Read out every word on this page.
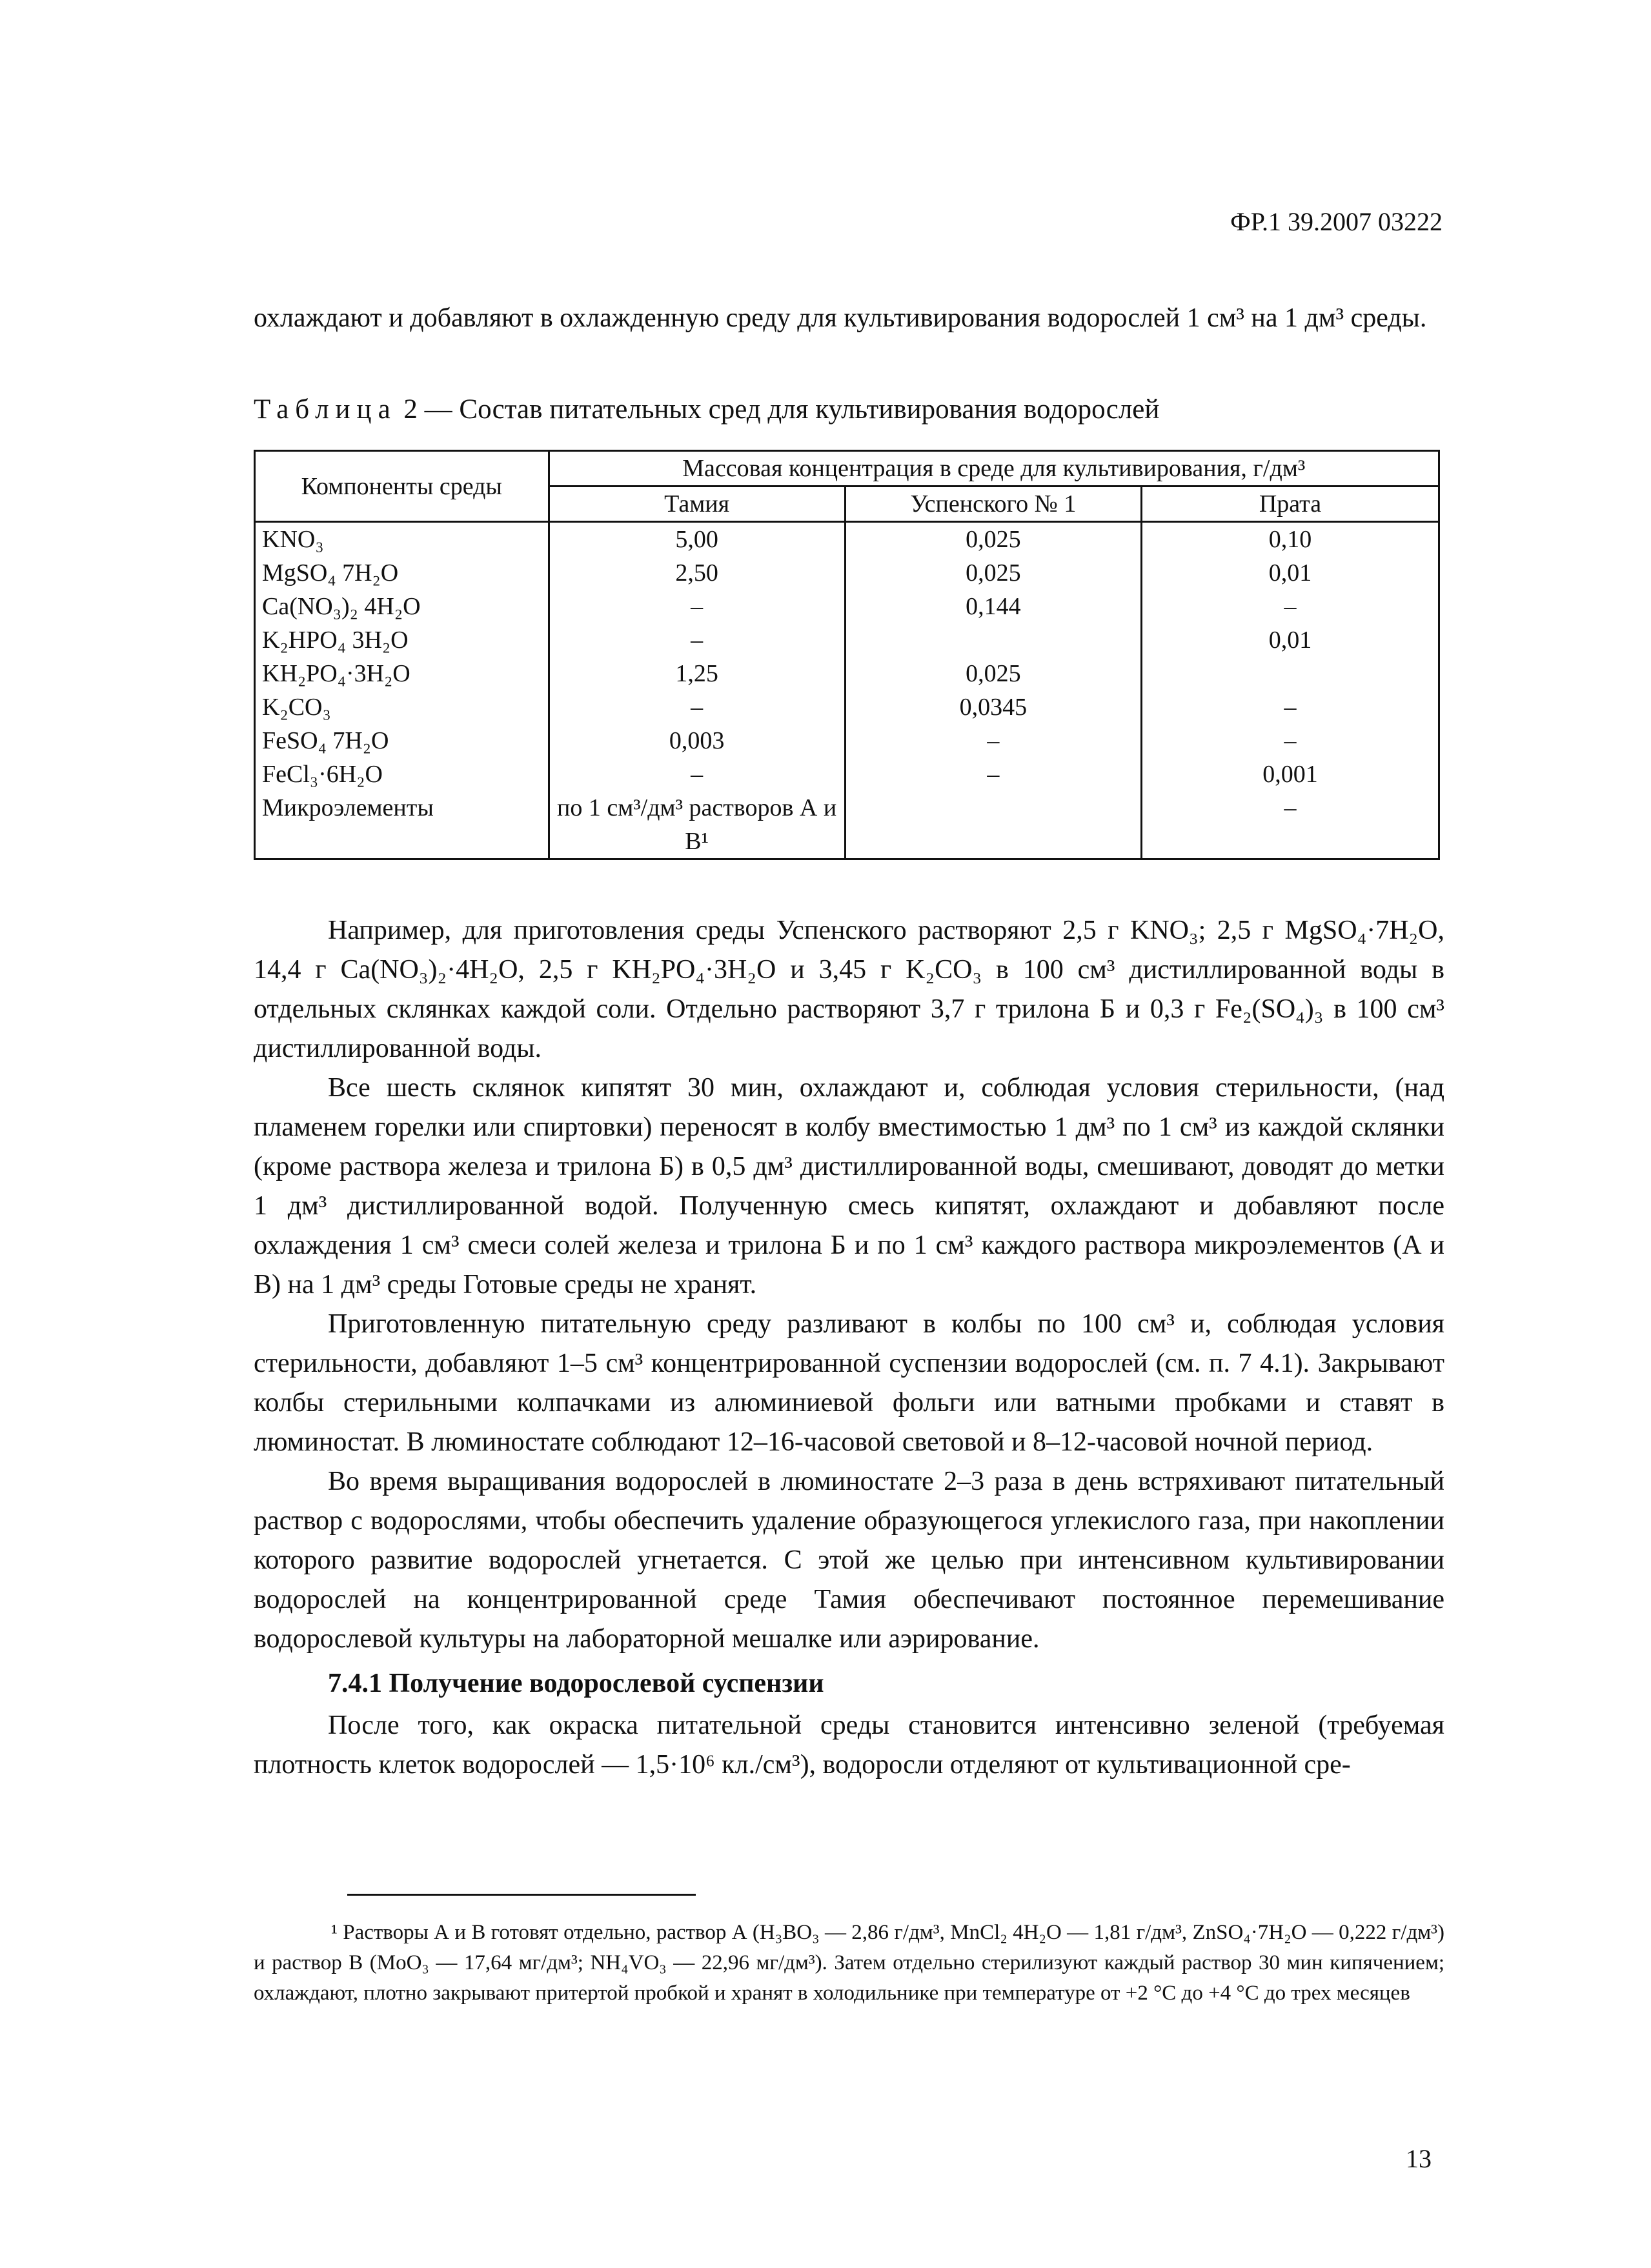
ФР.1 39.2007 03222
охлаждают и добавляют в охлажденную среду для культивирования водорослей 1 см³ на 1 дм³ среды.
Таблица 2 — Состав питательных сред для культивирования водорослей
Компоненты среды	Массовая концентрация в среде для культивирования, г/дм³		
	Тамия	Успенского № 1	Прата
KNO₃	5,00	0,025	0,10
MgSO₄ 7H₂O	2,50	0,025	0,01
Ca(NO₃)₂ 4H₂O	–	0,144	–
K₂HPO₄ 3H₂O	–		0,01
KH₂PO₄·3H₂O	1,25	0,025	
K₂CO₃	–	0,0345	–
FeSO₄ 7H₂O	0,003	–	–
FeCl₃·6H₂O	–	–	0,001
Микроэлементы	по 1 см³/дм³ растворов А и В¹		–

Например, для приготовления среды Успенского растворяют 2,5 г KNO₃; 2,5 г MgSO₄·7H₂O, 14,4 г Ca(NO₃)₂·4H₂O, 2,5 г KH₂PO₄·3H₂O и 3,45 г K₂CO₃ в 100 см³ дистиллированной воды в отдельных склянках каждой соли. Отдельно растворяют 3,7 г трилона Б и 0,3 г Fe₂(SO₄)₃ в 100 см³ дистиллированной воды.

Все шесть склянок кипятят 30 мин, охлаждают и, соблюдая условия стерильности, (над пламенем горелки или спиртовки) переносят в колбу вместимостью 1 дм³ по 1 см³ из каждой склянки (кроме раствора железа и трилона Б) в 0,5 дм³ дистиллированной воды, смешивают, доводят до метки 1 дм³ дистиллированной водой. Полученную смесь кипятят, охлаждают и добавляют после охлаждения 1 см³ смеси солей железа и трилона Б и по 1 см³ каждого раствора микроэлементов (А и В) на 1 дм³ среды Готовые среды не хранят.

Приготовленную питательную среду разливают в колбы по 100 см³ и, соблюдая условия стерильности, добавляют 1–5 см³ концентрированной суспензии водорослей (см. п. 7 4.1). Закрывают колбы стерильными колпачками из алюминиевой фольги или ватными пробками и ставят в люминостат. В люминостате соблюдают 12–16-часовой световой и 8–12-часовой ночной период.

Во время выращивания водорослей в люминостате 2–3 раза в день встряхивают питательный раствор с водорослями, чтобы обеспечить удаление образующегося углекислого газа, при накоплении которого развитие водорослей угнетается. С этой же целью при интенсивном культивировании водорослей на концентрированной среде Тамия обеспечивают постоянное перемешивание водорослевой культуры на лабораторной мешалке или аэрирование.

7.4.1 Получение водорослевой суспензии

После того, как окраска питательной среды становится интенсивно зеленой (требуемая плотность клеток водорослей — 1,5·10⁶ кл./см³), водоросли отделяют от культивационной сре-

¹ Растворы А и В готовят отдельно, раствор А (H₃BO₃ — 2,86 г/дм³, MnCl₂ 4H₂O — 1,81 г/дм³, ZnSO₄·7H₂O — 0,222 г/дм³) и раствор В (MoO₃ — 17,64 мг/дм³; NH₄VO₃ — 22,96 мг/дм³). Затем отдельно стерилизуют каждый раствор 30 мин кипячением; охлаждают, плотно закрывают притертой пробкой и хранят в холодильнике при температуре от +2 °С до +4 °С до трех месяцев
13
